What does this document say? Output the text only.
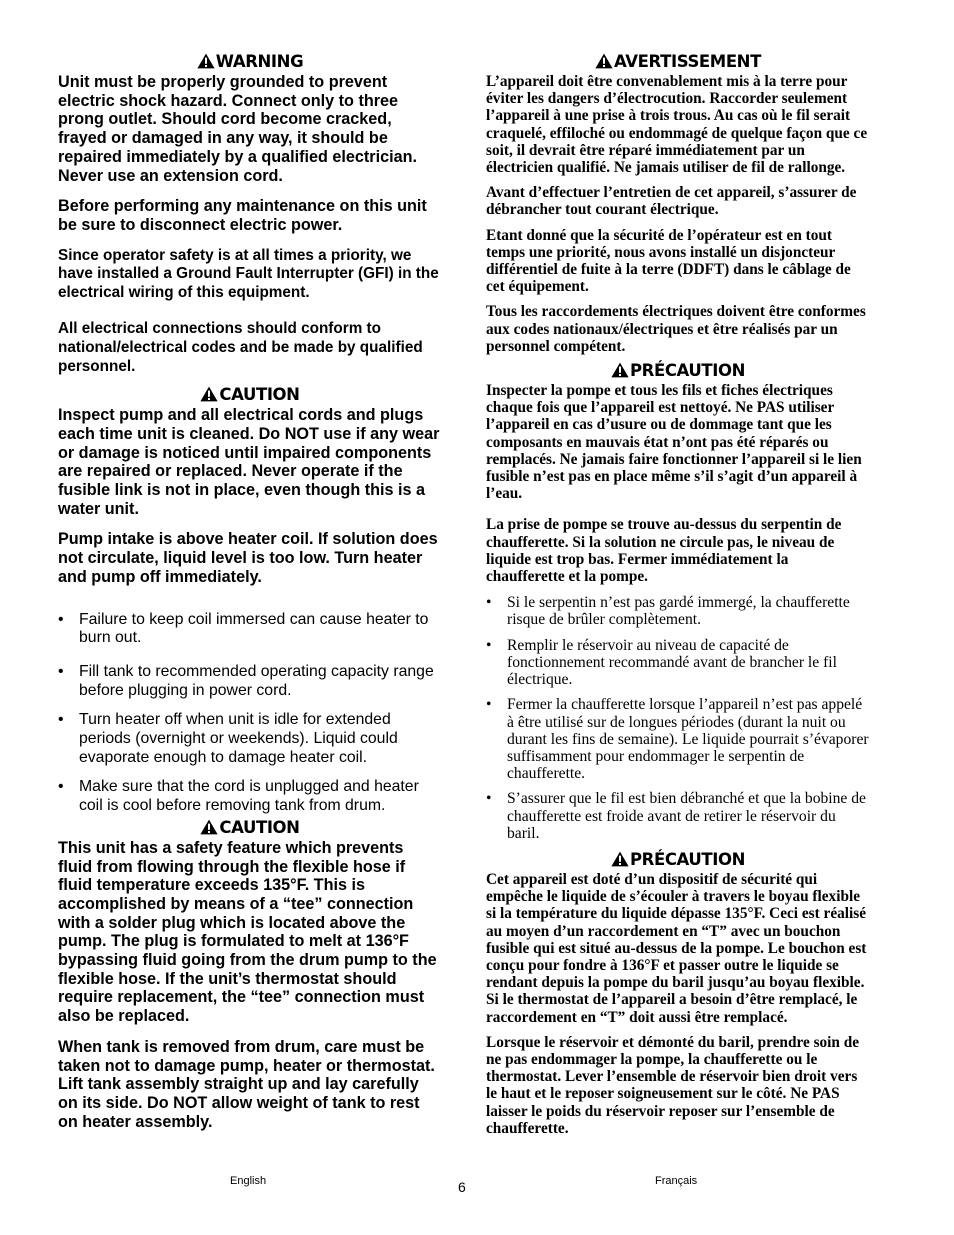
WARNING

Unit must be properly grounded to prevent electric shock hazard. Connect only to three prong outlet. Should cord become cracked, frayed or damaged in any way, it should be repaired immediately by a qualified electrician. Never use an extension cord.

Before performing any maintenance on this unit be sure to disconnect electric power.

Since operator safety is at all times a priority, we have installed a Ground Fault Interrupter (GFI) in the electrical wiring of this equipment.

All electrical connections should conform to national/electrical codes and be made by qualified personnel.

CAUTION

Inspect pump and all electrical cords and plugs each time unit is cleaned. Do NOT use if any wear or damage is noticed until impaired components are repaired or replaced. Never operate if the fusible link is not in place, even though this is a water unit.

Pump intake is above heater coil. If solution does not circulate, liquid level is too low. Turn heater and pump off immediately.

• Failure to keep coil immersed can cause heater to burn out.
• Fill tank to recommended operating capacity range before plugging in power cord.
• Turn heater off when unit is idle for extended periods (overnight or weekends). Liquid could evaporate enough to damage heater coil.
• Make sure that the cord is unplugged and heater coil is cool before removing tank from drum.
CAUTION

This unit has a safety feature which prevents fluid from flowing through the flexible hose if fluid temperature exceeds 135°F. This is accomplished by means of a “tee” connection with a solder plug which is located above the pump. The plug is formulated to melt at 136°F bypassing fluid going from the drum pump to the flexible hose. If the unit’s thermostat should require replacement, the “tee” connection must also be replaced.

When tank is removed from drum, care must be taken not to damage pump, heater or thermostat. Lift tank assembly straight up and lay carefully on its side. Do NOT allow weight of tank to rest on heater assembly.

AVERTISSEMENT

L’appareil doit être convenablement mis à la terre pour éviter les dangers d’électrocution. Raccorder seulement l’appareil à une prise à trois trous. Au cas où le fil serait craquelé, effiloché ou endommagé de quelque façon que ce soit, il devrait être réparé immédiatement par un électricien qualifié. Ne jamais utiliser de fil de rallonge.

Avant d’effectuer l’entretien de cet appareil, s’assurer de débrancher tout courant électrique.

Etant donné que la sécurité de l’opérateur est en tout temps une priorité, nous avons installé un disjoncteur différentiel de fuite à la terre (DDFT) dans le câblage de cet équipement.

Tous les raccordements électriques doivent être conformes aux codes nationaux/électriques et être réalisés par un personnel compétent.

PRÉCAUTION

Inspecter la pompe et tous les fils et fiches électriques chaque fois que l’appareil est nettoyé. Ne PAS utiliser l’appareil en cas d’usure ou de dommage tant que les composants en mauvais état n’ont pas été réparés ou remplacés. Ne jamais faire fonctionner l’appareil si le lien fusible n’est pas en place même s’il s’agit d’un appareil à l’eau.

La prise de pompe se trouve au-dessus du serpentin de chaufferette. Si la solution ne circule pas, le niveau de liquide est trop bas. Fermer immédiatement la chaufferette et la pompe.

• Si le serpentin n’est pas gardé immergé, la chaufferette risque de brûler complètement.
• Remplir le réservoir au niveau de capacité de fonctionnement recommandé avant de brancher le fil électrique.
• Fermer la chaufferette lorsque l’appareil n’est pas appelé à être utilisé sur de longues périodes (durant la nuit ou durant les fins de semaine). Le liquide pourrait s’évaporer suffisamment pour endommager le serpentin de chaufferette.
• S’assurer que le fil est bien débranché et que la bobine de chaufferette est froide avant de retirer le réservoir du baril.
PRÉCAUTION

Cet appareil est doté d’un dispositif de sécurité qui empêche le liquide de s’écouler à travers le boyau flexible si la température du liquide dépasse 135°F. Ceci est réalisé au moyen d’un raccordement en “T” avec un bouchon fusible qui est situé au-dessus de la pompe. Le bouchon est conçu pour fondre à 136°F et passer outre le liquide se rendant depuis la pompe du baril jusqu’au boyau flexible. Si le thermostat de l’appareil a besoin d’être remplacé, le raccordement en “T” doit aussi être remplacé.

Lorsque le réservoir et démonté du baril, prendre soin de ne pas endommager la pompe, la chaufferette ou le thermostat. Lever l’ensemble de réservoir bien droit vers le haut et le reposer soigneusement sur le côté. Ne PAS laisser le poids du réservoir reposer sur l’ensemble de chaufferette.

English	6	Français
